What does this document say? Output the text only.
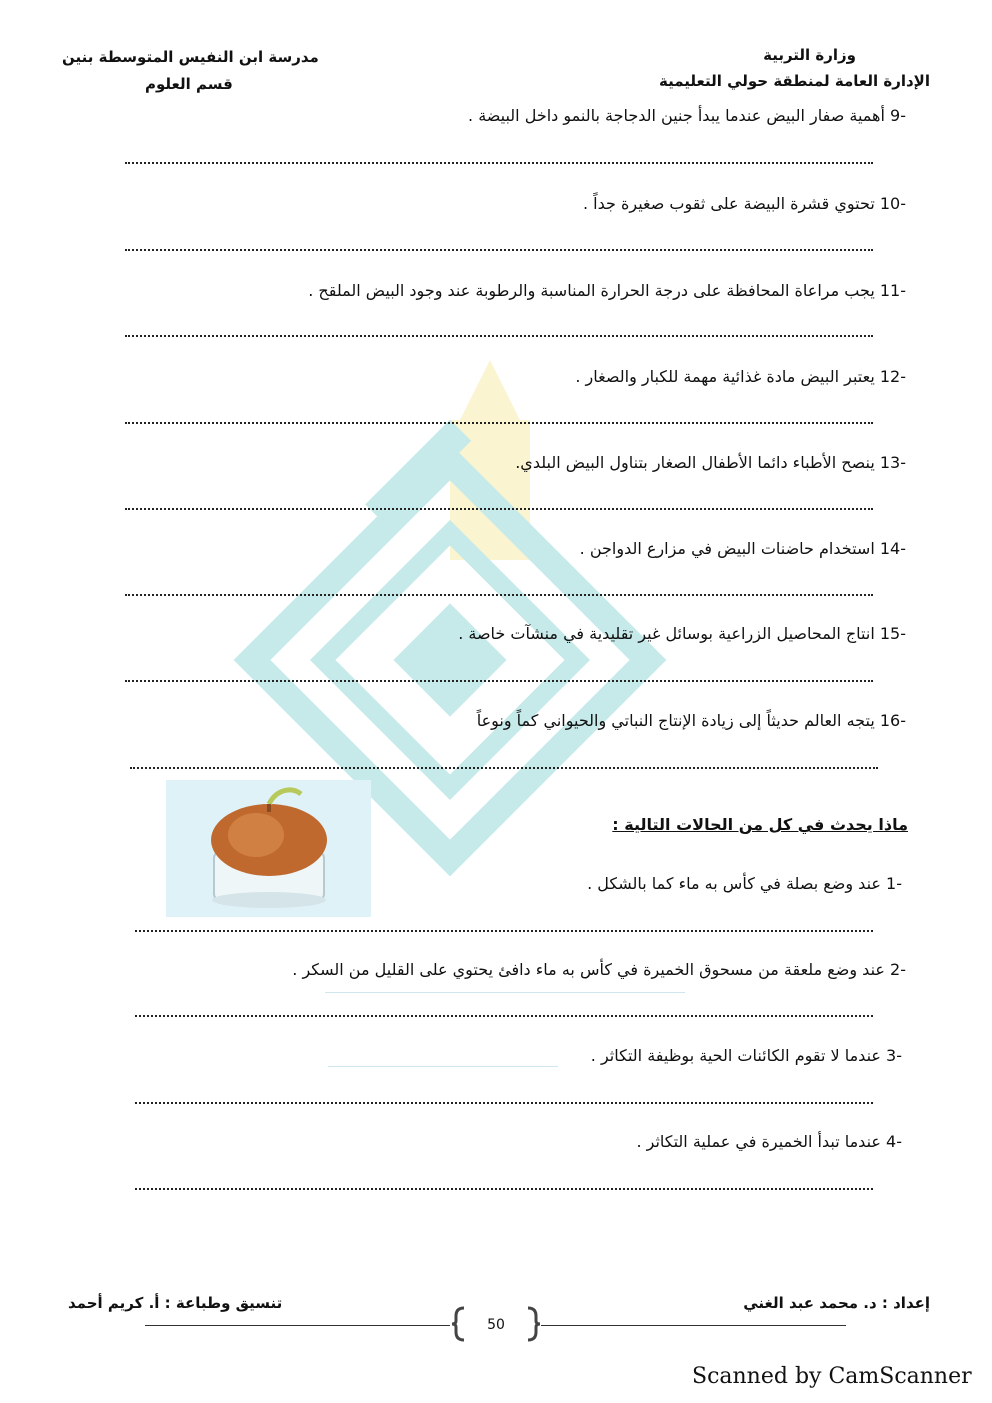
وزارة التربية
الإدارة العامة لمنطقة حولي التعليمية
مدرسة ابن النفيس المتوسطة بنين
قسم العلوم
-9 أهمية صفار البيض عندما يبدأ جنين الدجاجة بالنمو داخل البيضة .
-10 تحتوي قشرة البيضة على ثقوب صغيرة جداً .
-11 يجب مراعاة المحافظة على درجة الحرارة المناسبة والرطوبة عند وجود البيض الملقح .
-12 يعتبر البيض مادة غذائية مهمة للكبار والصغار .
-13 ينصح الأطباء دائما الأطفال الصغار بتناول البيض البلدي.
-14 استخدام حاضنات البيض في مزارع الدواجن .
-15 انتاج المحاصيل الزراعية بوسائل غير تقليدية في منشآت خاصة .
-16 يتجه العالم حديثاً إلى زيادة الإنتاج النباتي والحيواني كماً ونوعاً
ماذا يحدث في كل من الحالات التالية :
-1 عند وضع بصلة في كأس به ماء كما بالشكل .
-2 عند وضع ملعقة من مسحوق الخميرة في كأس به ماء دافئ يحتوي على القليل من السكر .
-3 عندما لا تقوم الكائنات الحية بوظيفة التكاثر .
-4 عندما تبدأ الخميرة في عملية التكاثر .
إعداد : د. محمد عبد الغني
تنسيق وطباعة : أ. كريم أحمد
50
Scanned by CamScanner
